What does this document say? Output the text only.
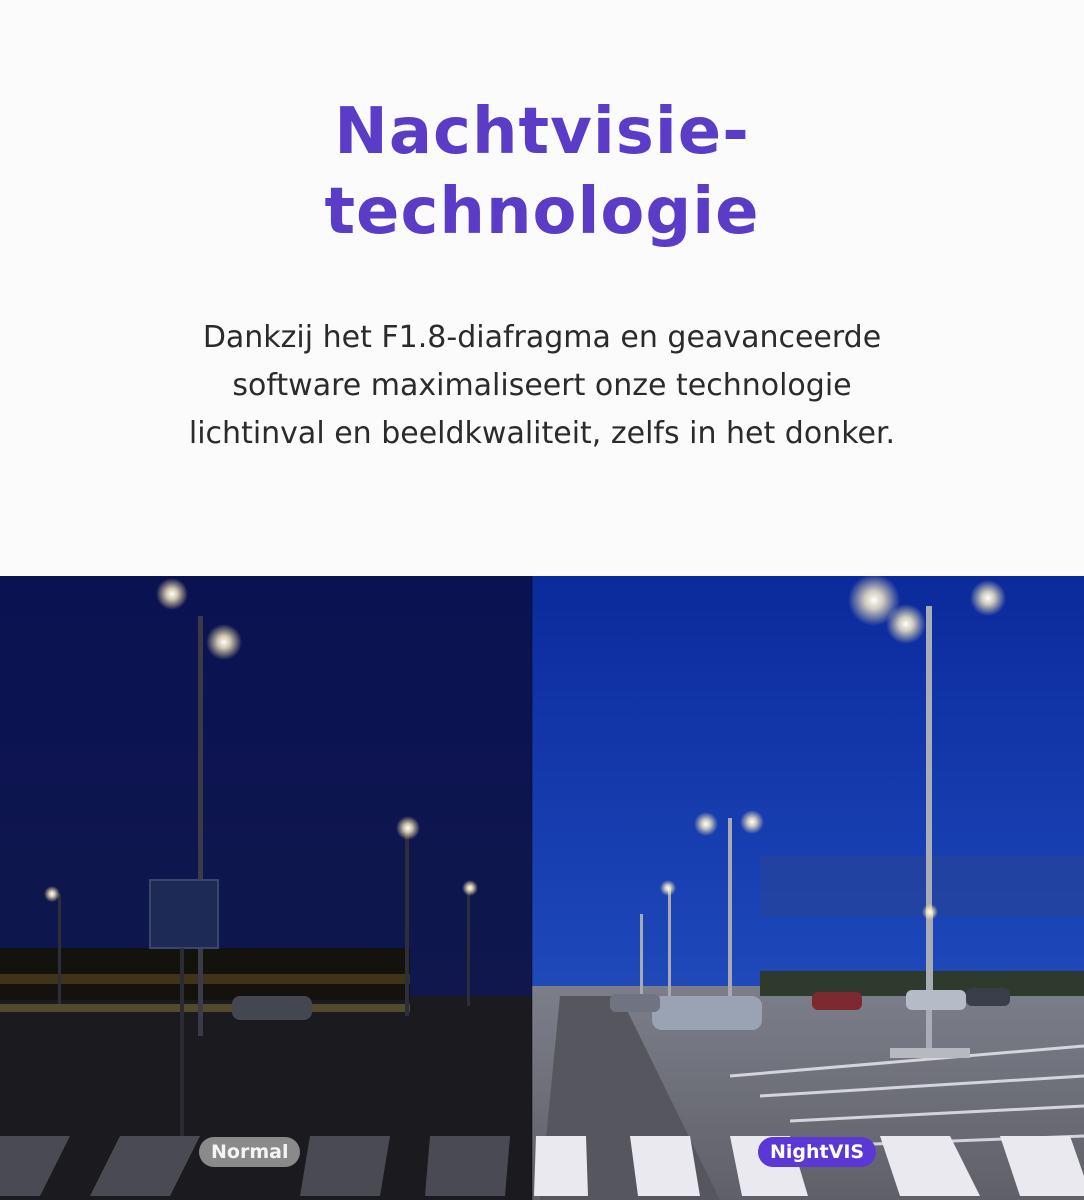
Nachtvisie-
technologie

Dankzij het F1.8-diafragma en geavanceerde
software maximaliseert onze technologie
lichtinval en beeldkwaliteit, zelfs in het donker.

Normal	NightVIS
